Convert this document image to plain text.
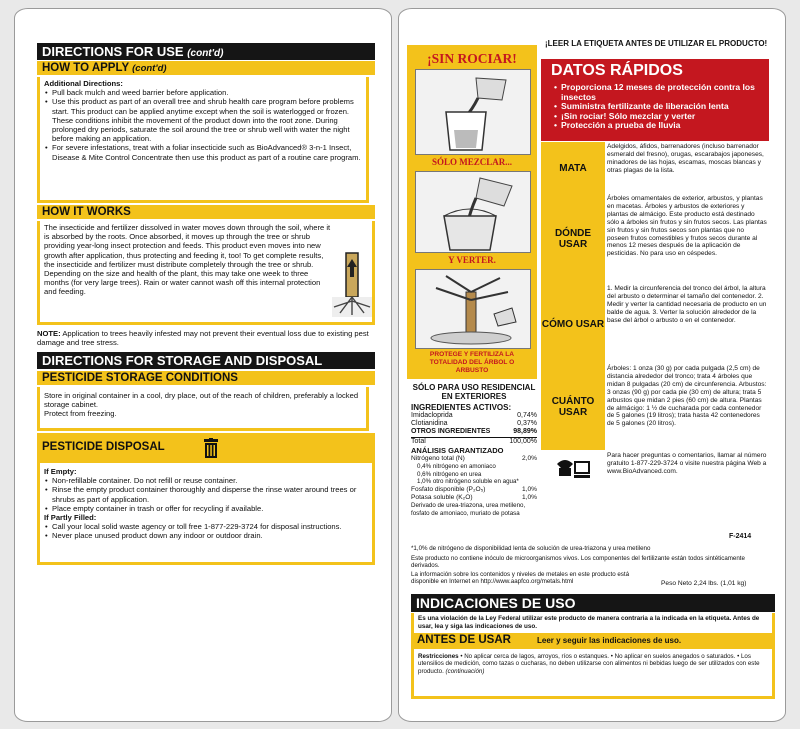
DIRECTIONS FOR USE (cont'd)
HOW TO APPLY (cont'd)
Additional Directions:
• Pull back mulch and weed barrier before application.
• Use this product as part of an overall tree and shrub health care program before problems start. This product can be applied anytime except when the soil is waterlogged or frozen. These conditions inhibit the movement of the product down into the root zone. During prolonged dry periods, saturate the soil around the tree or shrub well with water the night before making an application.
• For severe infestations, treat with a foliar insecticide such as BioAdvanced® 3-n-1 Insect, Disease & Mite Control Concentrate then use this product as part of a routine care program.
HOW IT WORKS
The insecticide and fertilizer dissolved in water moves down through the soil, where it is absorbed by the roots. Once absorbed, it moves up through the tree or shrub providing year-long insect protection and feeds. This product even moves into new growth after application, thus protecting and feeding it, too! To get complete results, the insecticide and fertilizer must distribute completely through the tree or shrub. Depending on the size and health of the plant, this may take one week to three months (for very large trees). Rain or water cannot wash off this internal protection and feeding.
NOTE: Application to trees heavily infested may not prevent their eventual loss due to existing pest damage and tree stress.
DIRECTIONS FOR STORAGE AND DISPOSAL
PESTICIDE STORAGE CONDITIONS
Store in original container in a cool, dry place, out of the reach of children, preferably a locked storage cabinet.
Protect from freezing.
PESTICIDE DISPOSAL
If Empty:
• Non-refillable container. Do not refill or reuse container.
• Rinse the empty product container thoroughly and disperse the rinse water around trees or shrubs as part of application.
• Place empty container in trash or offer for recycling if available.
If Partly Filled:
• Call your local solid waste agency or toll free 1-877-229-3724 for disposal instructions.
• Never place unused product down any indoor or outdoor drain.
¡LEER LA ETIQUETA ANTES DE UTILIZAR EL PRODUCTO!
¡SIN ROCIAR!
SÓLO MEZCLAR...
Y VERTER.
PROTEGE Y FERTILIZA LA TOTALIDAD DEL ÁRBOL O ARBUSTO
DATOS RÁPIDOS
• Proporciona 12 meses de protección contra los insectos
• Suministra fertilizante de liberación lenta
• ¡Sin rociar! Sólo mezclar y verter
• Protección a prueba de lluvia
MATA
Adelgidos, áfidos, barrenadores (incluso barrenador esmerald del fresno), orugas, escarabajos japoneses, minadores de las hojas, escamas, moscas blancas y otras plagas de la lista.
DÓNDE USAR
Árboles ornamentales de exterior, arbustos, y plantas en macetas. Árboles y arbustos de exteriores y plantas de almácigo. Este producto está destinado sólo a árboles sin frutos y sin frutos secos. Las plantas sin frutos y sin frutos secos son plantas que no poseen frutos comestibles y frutos secos durante al menos 12 meses después de la aplicación de pesticidas. No para uso en céspedes.
CÓMO USAR
1. Medir la circunferencia del tronco del árbol, la altura del arbusto o determinar el tamaño del contenedor. 2. Medir y verter la cantidad necesaria de producto en un balde de agua. 3. Verter la solución alrededor de la base del árbol o arbusto o en el contenedor.
CUÁNTO USAR
Árboles: 1 onza (30 g) por cada pulgada (2,5 cm) de distancia alrededor del tronco; trata 4 árboles que midan 8 pulgadas (20 cm) de circunferencia. Arbustos: 3 onzas (90 g) por cada pie (30 cm) de altura; trata 5 arbustos que midan 2 pies (60 cm) de altura. Plantas de almácigo: 1 ½ de cucharada por cada contenedor de 5 galones (19 litros); trata hasta 42 contenedores de 5 galones (20 litros).
Para hacer preguntas o comentarios, llamar al número gratuito 1-877-229-3724 o visite nuestra página Web a www.BioAdvanced.com.
SÓLO PARA USO RESIDENCIAL EN EXTERIORES
INGREDIENTES ACTIVOS:
Imidacloprida	0,74%
Clotianidina	0,37%
OTROS INGREDIENTES	98,89%
Total	100,00%
ANÁLISIS GARANTIZADO
Nitrógeno total (N)	2,0%
0,4% nitrógeno en amoniaco
0,6% nitrógeno en urea
1,0% otro nitrógeno soluble en agua*
Fosfato disponible (P₂O₅)	1,0%
Potasa soluble (K₂O)	1,0%
Derivado de urea-triazona, urea metileno, fosfato de amoniaco, muriato de potasa
*1,0% de nitrógeno de disponibilidad lenta de solución de urea-triazona y urea metileno
F-2414
Este producto no contiene inóculo de microorganismos vivos. Los componentes del fertilizante están todos sintéticamente derivados.
La información sobre los contenidos y niveles de metales en este producto está disponible en Internet en http://www.aapfco.org/metals.html	Peso Neto 2,24 lbs. (1,01 kg)
INDICACIONES DE USO
Es una violación de la Ley Federal utilizar este producto de manera contraria a la indicada en la etiqueta. Antes de usar, lea y siga las indicaciones de uso.
ANTES DE USAR	Leer y seguir las indicaciones de uso.
Restricciones • No aplicar cerca de lagos, arroyos, ríos o estanques. • No aplicar en suelos anegados o saturados. • Los utensilios de medición, como tazas o cucharas, no deben utilizarse con alimentos ni bebidas luego de ser utilizados con este producto. (continuación)
